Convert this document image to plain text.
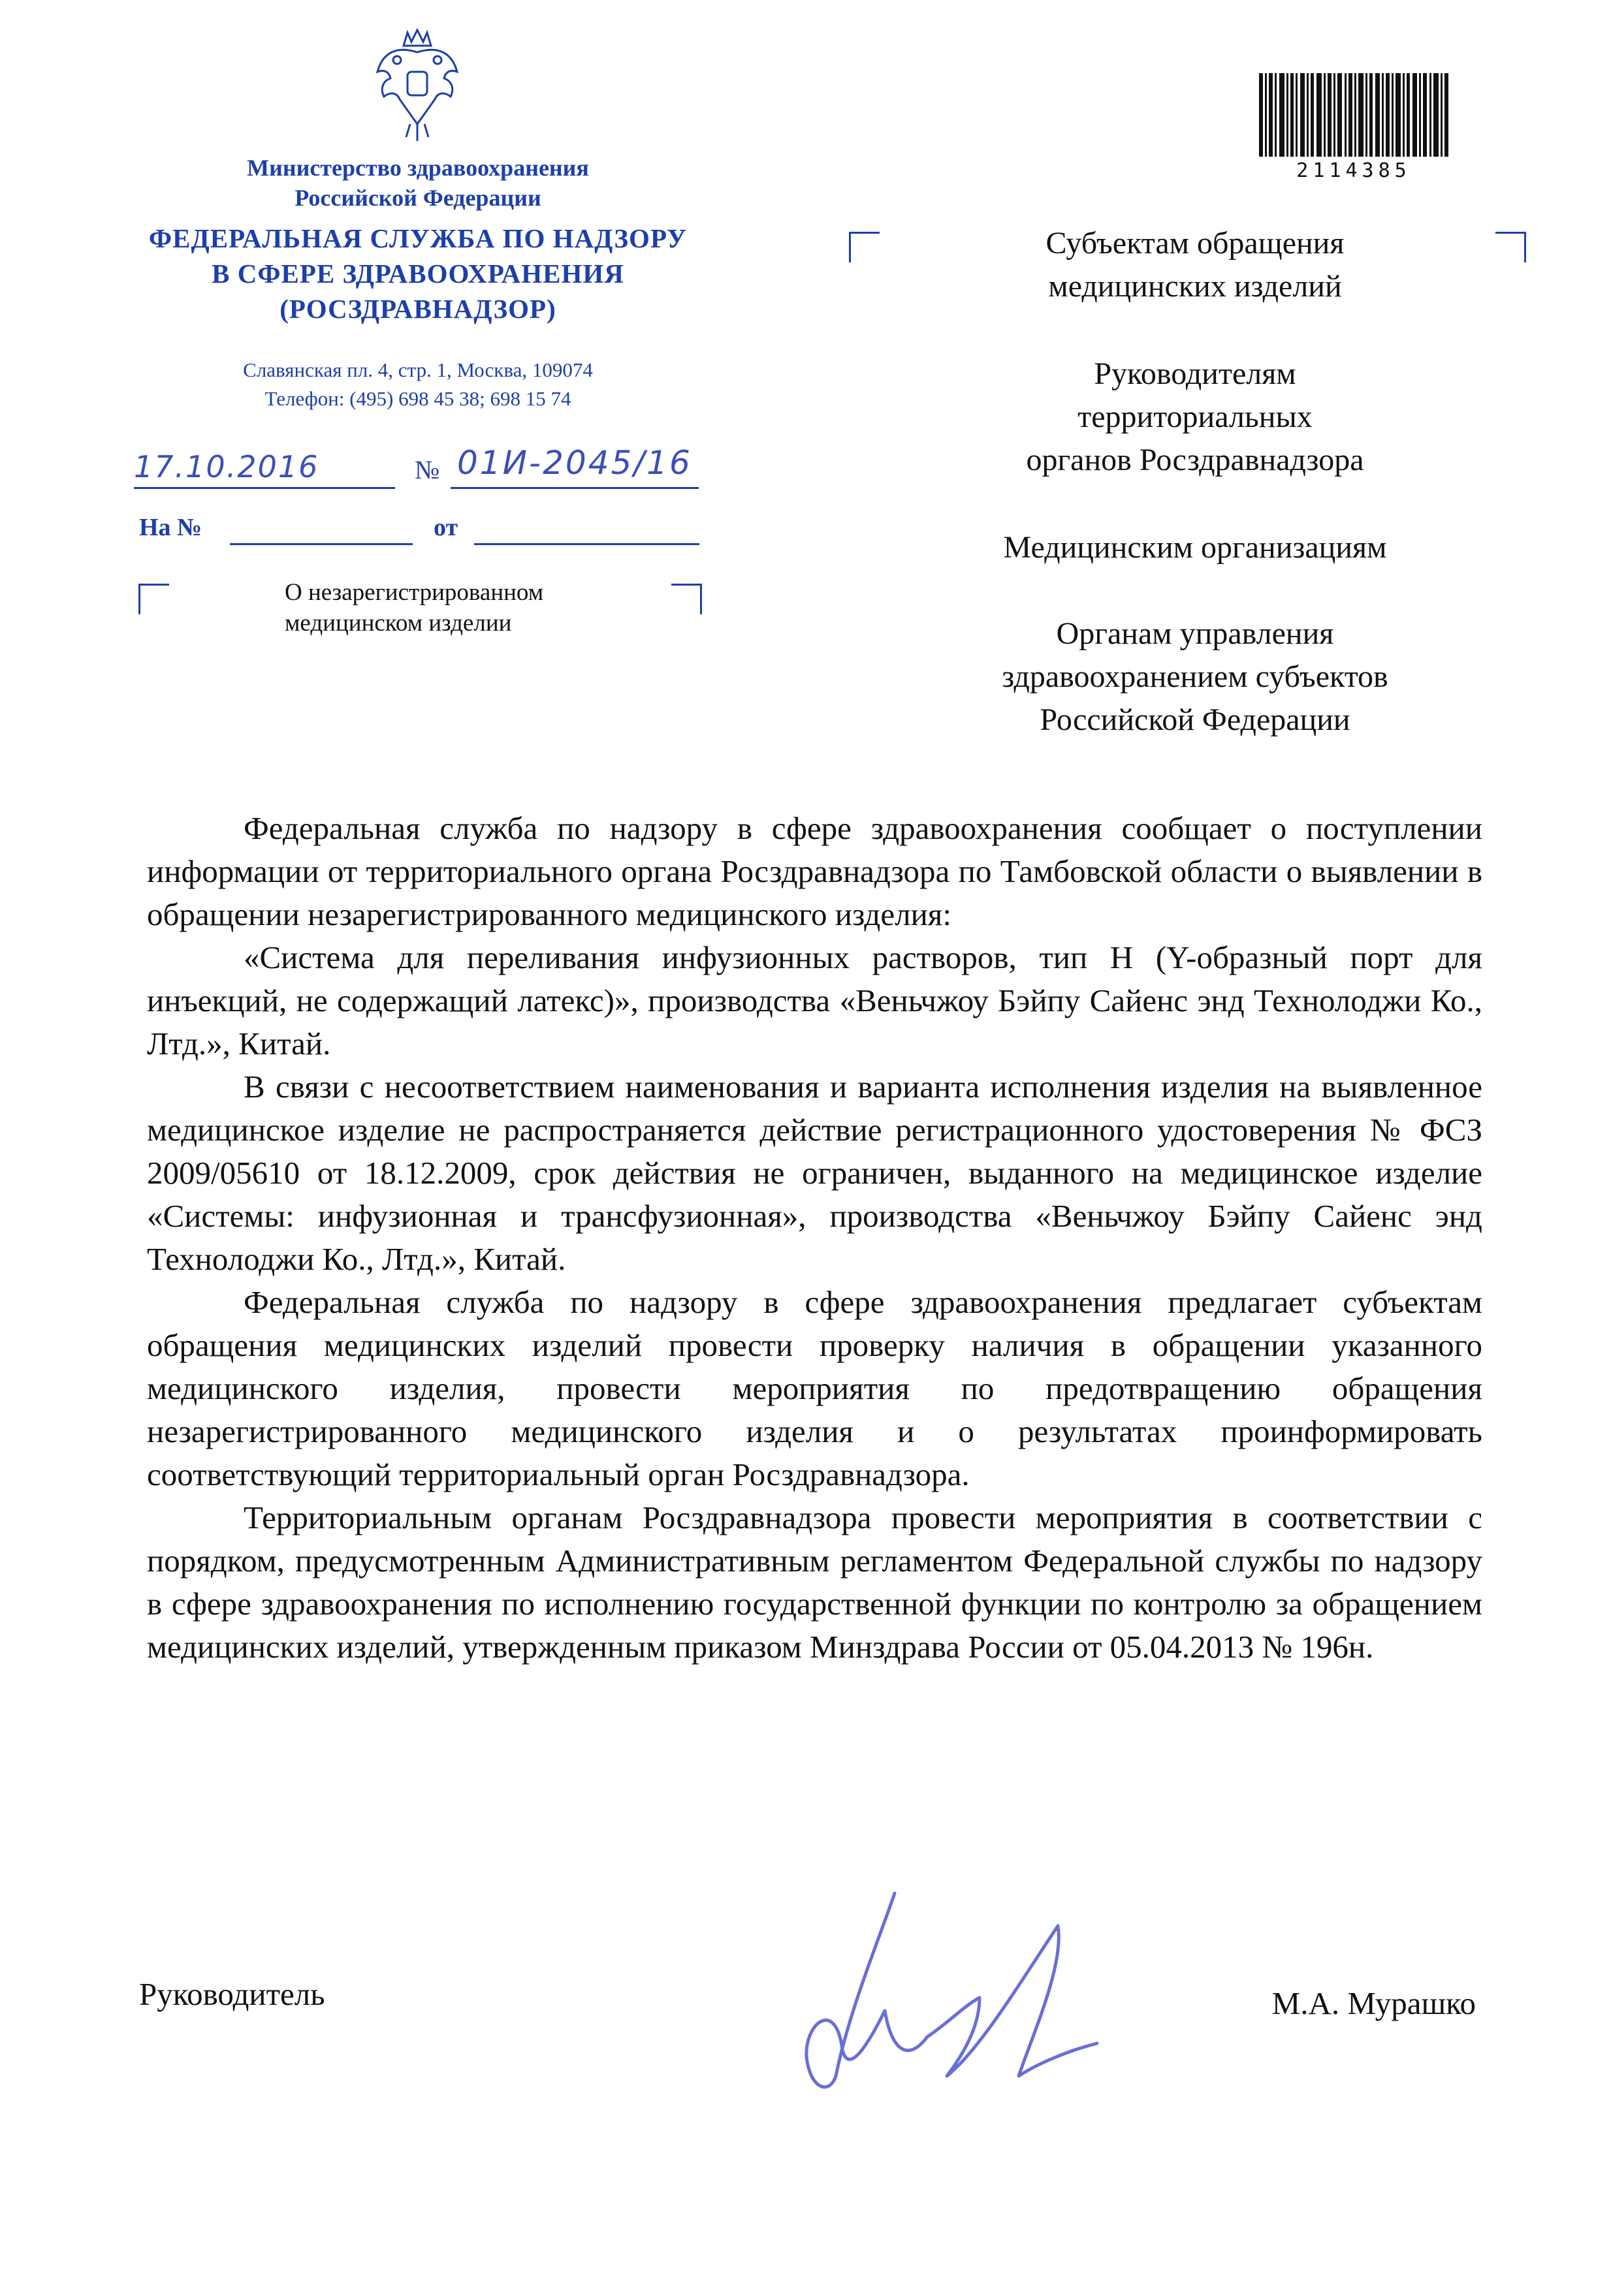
Министерство здравоохранения
Российской Федерации
ФЕДЕРАЛЬНАЯ СЛУЖБА ПО НАДЗОРУ
В СФЕРЕ ЗДРАВООХРАНЕНИЯ
(РОСЗДРАВНАДЗОР)
Славянская пл. 4, стр. 1, Москва, 109074
Телефон: (495) 698 45 38; 698 15 74
17.10.2016	№ 01И-2045/16
На №	от
О незарегистрированном медицинском изделии
2114385
Субъектам обращения
медицинских изделий
Руководителям
территориальных
органов Росздравнадзора
Медицинским организациям
Органам управления
здравоохранением субъектов
Российской Федерации

Федеральная служба по надзору в сфере здравоохранения сообщает о поступлении информации от территориального органа Росздравнадзора по Тамбовской области о выявлении в обращении незарегистрированного медицинского изделия:

«Система для переливания инфузионных растворов, тип Н (Y-образный порт для инъекций, не содержащий латекс)», производства «Веньчжоу Бэйпу Сайенс энд Технолоджи Ко., Лтд.», Китай.

В связи с несоответствием наименования и варианта исполнения изделия на выявленное медицинское изделие не распространяется действие регистрационного удостоверения № ФСЗ 2009/05610 от 18.12.2009, срок действия не ограничен, выданного на медицинское изделие «Системы: инфузионная и трансфузионная», производства «Веньчжоу Бэйпу Сайенс энд Технолоджи Ко., Лтд.», Китай.

Федеральная служба по надзору в сфере здравоохранения предлагает субъектам обращения медицинских изделий провести проверку наличия в обращении указанного медицинского изделия, провести мероприятия по предотвращению обращения незарегистрированного медицинского изделия и о результатах проинформировать соответствующий территориальный орган Росздравнадзора.

Территориальным органам Росздравнадзора провести мероприятия в соответствии с порядком, предусмотренным Административным регламентом Федеральной службы по надзору в сфере здравоохранения по исполнению государственной функции по контролю за обращением медицинских изделий, утвержденным приказом Минздрава России от 05.04.2013 № 196н.

Руководитель	М.А. Мурашко
